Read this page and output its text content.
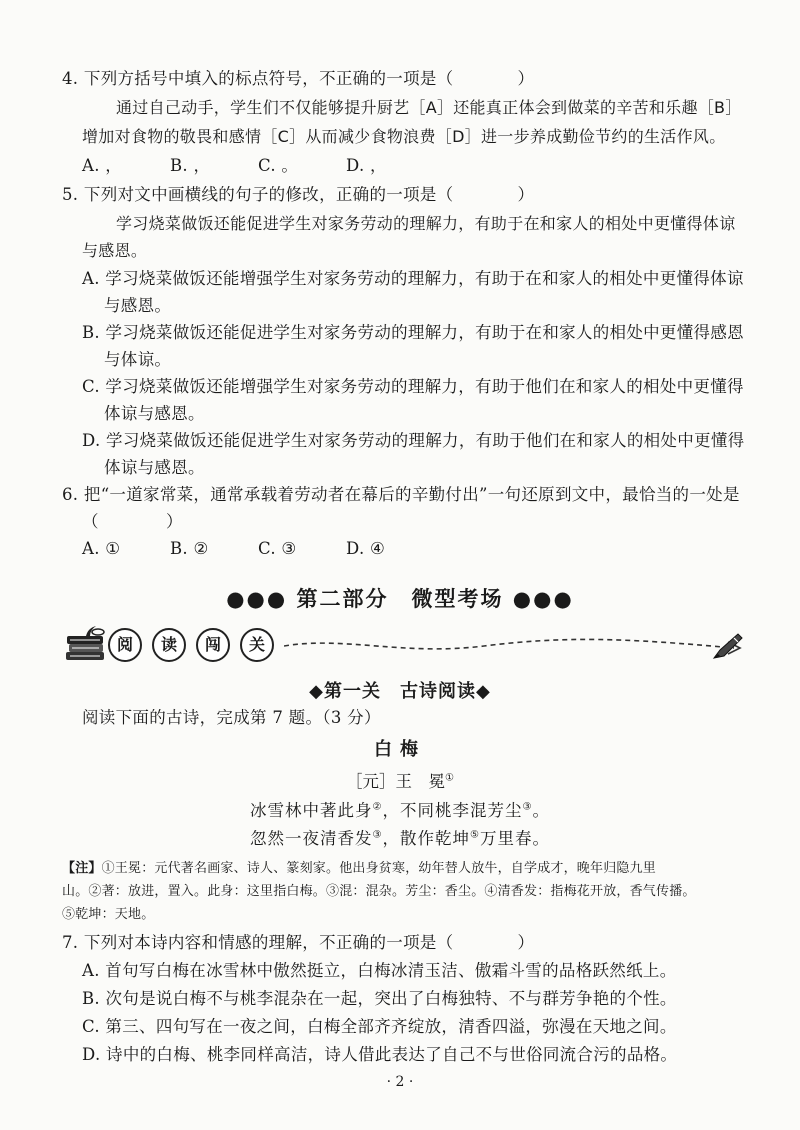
4. 下列方括号中填入的标点符号，不正确的一项是（	）
通过自己动手，学生们不仅能够提升厨艺［A］还能真正体会到做菜的辛苦和乐趣［B］
增加对食物的敬畏和感情［C］从而减少食物浪费［D］进一步养成勤俭节约的生活作风。
A. ，	B. ，	C. 。	D. ，
5. 下列对文中画横线的句子的修改，正确的一项是（	）
学习烧菜做饭还能促进学生对家务劳动的理解力，有助于在和家人的相处中更懂得体谅
与感恩。
A. 学习烧菜做饭还能增强学生对家务劳动的理解力，有助于在和家人的相处中更懂得体谅
与感恩。
B. 学习烧菜做饭还能促进学生对家务劳动的理解力，有助于在和家人的相处中更懂得感恩
与体谅。
C. 学习烧菜做饭还能增强学生对家务劳动的理解力，有助于他们在和家人的相处中更懂得
体谅与感恩。
D. 学习烧菜做饭还能促进学生对家务劳动的理解力，有助于他们在和家人的相处中更懂得
体谅与感恩。
6. 把“一道家常菜，通常承载着劳动者在幕后的辛勤付出”一句还原到文中，最恰当的一处是
（　　　　）
A. ①	B. ②	C. ③	D. ④
●●● 第二部分　微型考场 ●●●
阅	读	闯	关
◆第一关　古诗阅读◆
阅读下面的古诗，完成第 7 题。（3 分）
白梅
［元］王　冕①
冰雪林中著此身②，不同桃李混芳尘③。
忽然一夜清香发③，散作乾坤⑤万里春。
【注】①王冕：元代著名画家、诗人、篆刻家。他出身贫寒，幼年替人放牛，自学成才，晚年归隐九里
山。②著：放进，置入。此身：这里指白梅。③混：混杂。芳尘：香尘。④清香发：指梅花开放，香气传播。
⑤乾坤：天地。
7. 下列对本诗内容和情感的理解，不正确的一项是（	）
A. 首句写白梅在冰雪林中傲然挺立，白梅冰清玉洁、傲霜斗雪的品格跃然纸上。
B. 次句是说白梅不与桃李混杂在一起，突出了白梅独特、不与群芳争艳的个性。
C. 第三、四句写在一夜之间，白梅全部齐齐绽放，清香四溢，弥漫在天地之间。
D. 诗中的白梅、桃李同样高洁，诗人借此表达了自己不与世俗同流合污的品格。
· 2 ·
